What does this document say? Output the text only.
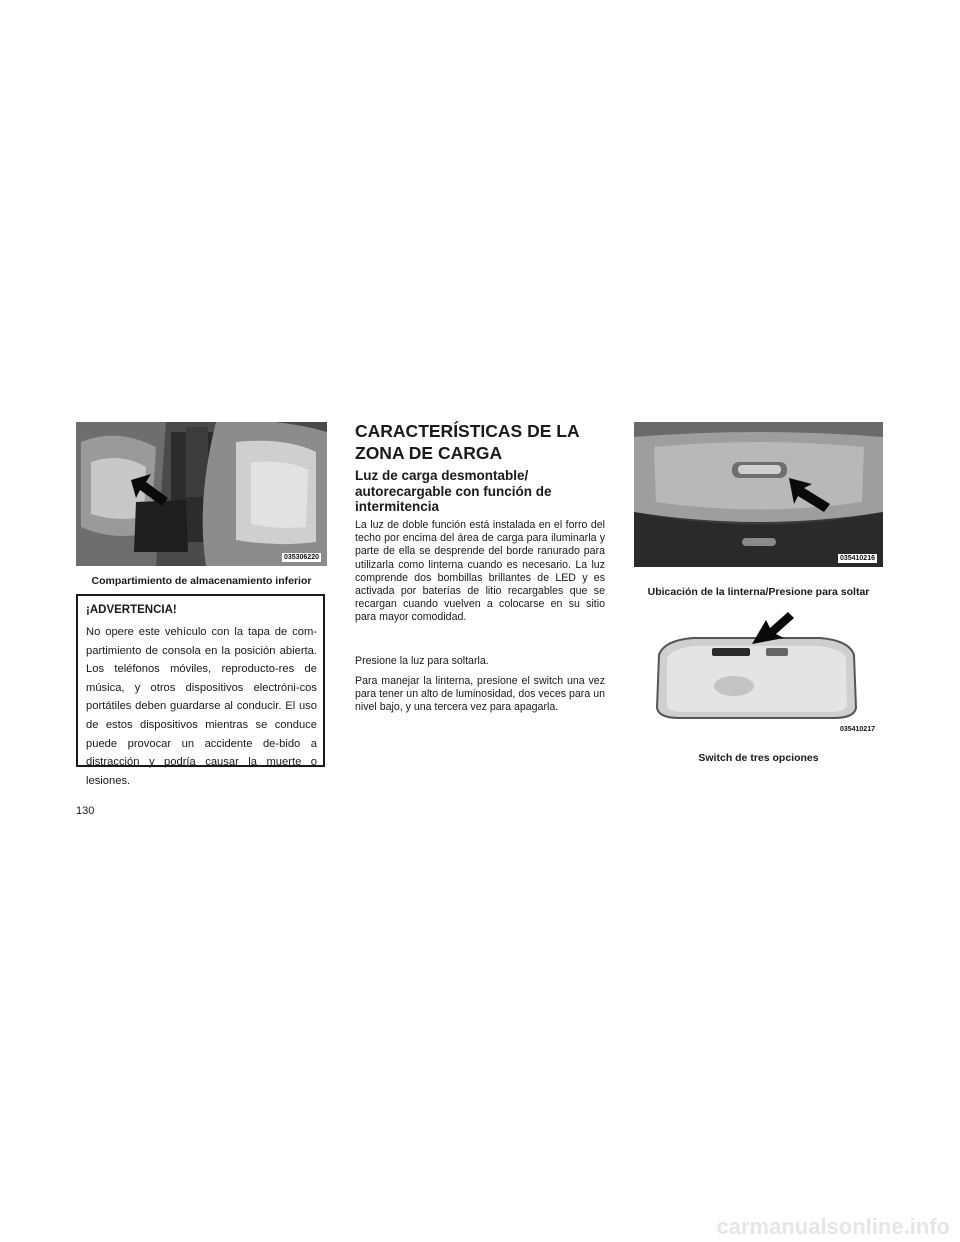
035306220
Compartimiento de almacenamiento inferior

¡ADVERTENCIA!

No opere este vehículo con la tapa de com-partimiento de consola en la posición abierta. Los teléfonos móviles, reproducto-res de música, y otros dispositivos electróni-cos portátiles deben guardarse al conducir. El uso de estos dispositivos mientras se conduce puede provocar un accidente de-bido a distracción y podría causar la muerte o lesiones.

CARACTERÍSTICAS DE LA ZONA DE CARGA
Luz de carga desmontable/ autorecargable con función de intermitencia

La luz de doble función está instalada en el forro del techo por encima del área de carga para iluminarla y parte de ella se desprende del borde ranurado para utilizarla como linterna cuando es necesario. La luz comprende dos bombillas brillantes de LED y es activada por baterías de litio recargables que se recargan cuando vuelven a colocarse en su sitio para mayor comodidad.

Presione la luz para soltarla.

Para manejar la linterna, presione el switch una vez para tener un alto de luminosidad, dos veces para un nivel bajo, y una tercera vez para apagarla.

035410216
Ubicación de la linterna/Presione para soltar
035410217
Switch de tres opciones
130
carmanualsonline.info
